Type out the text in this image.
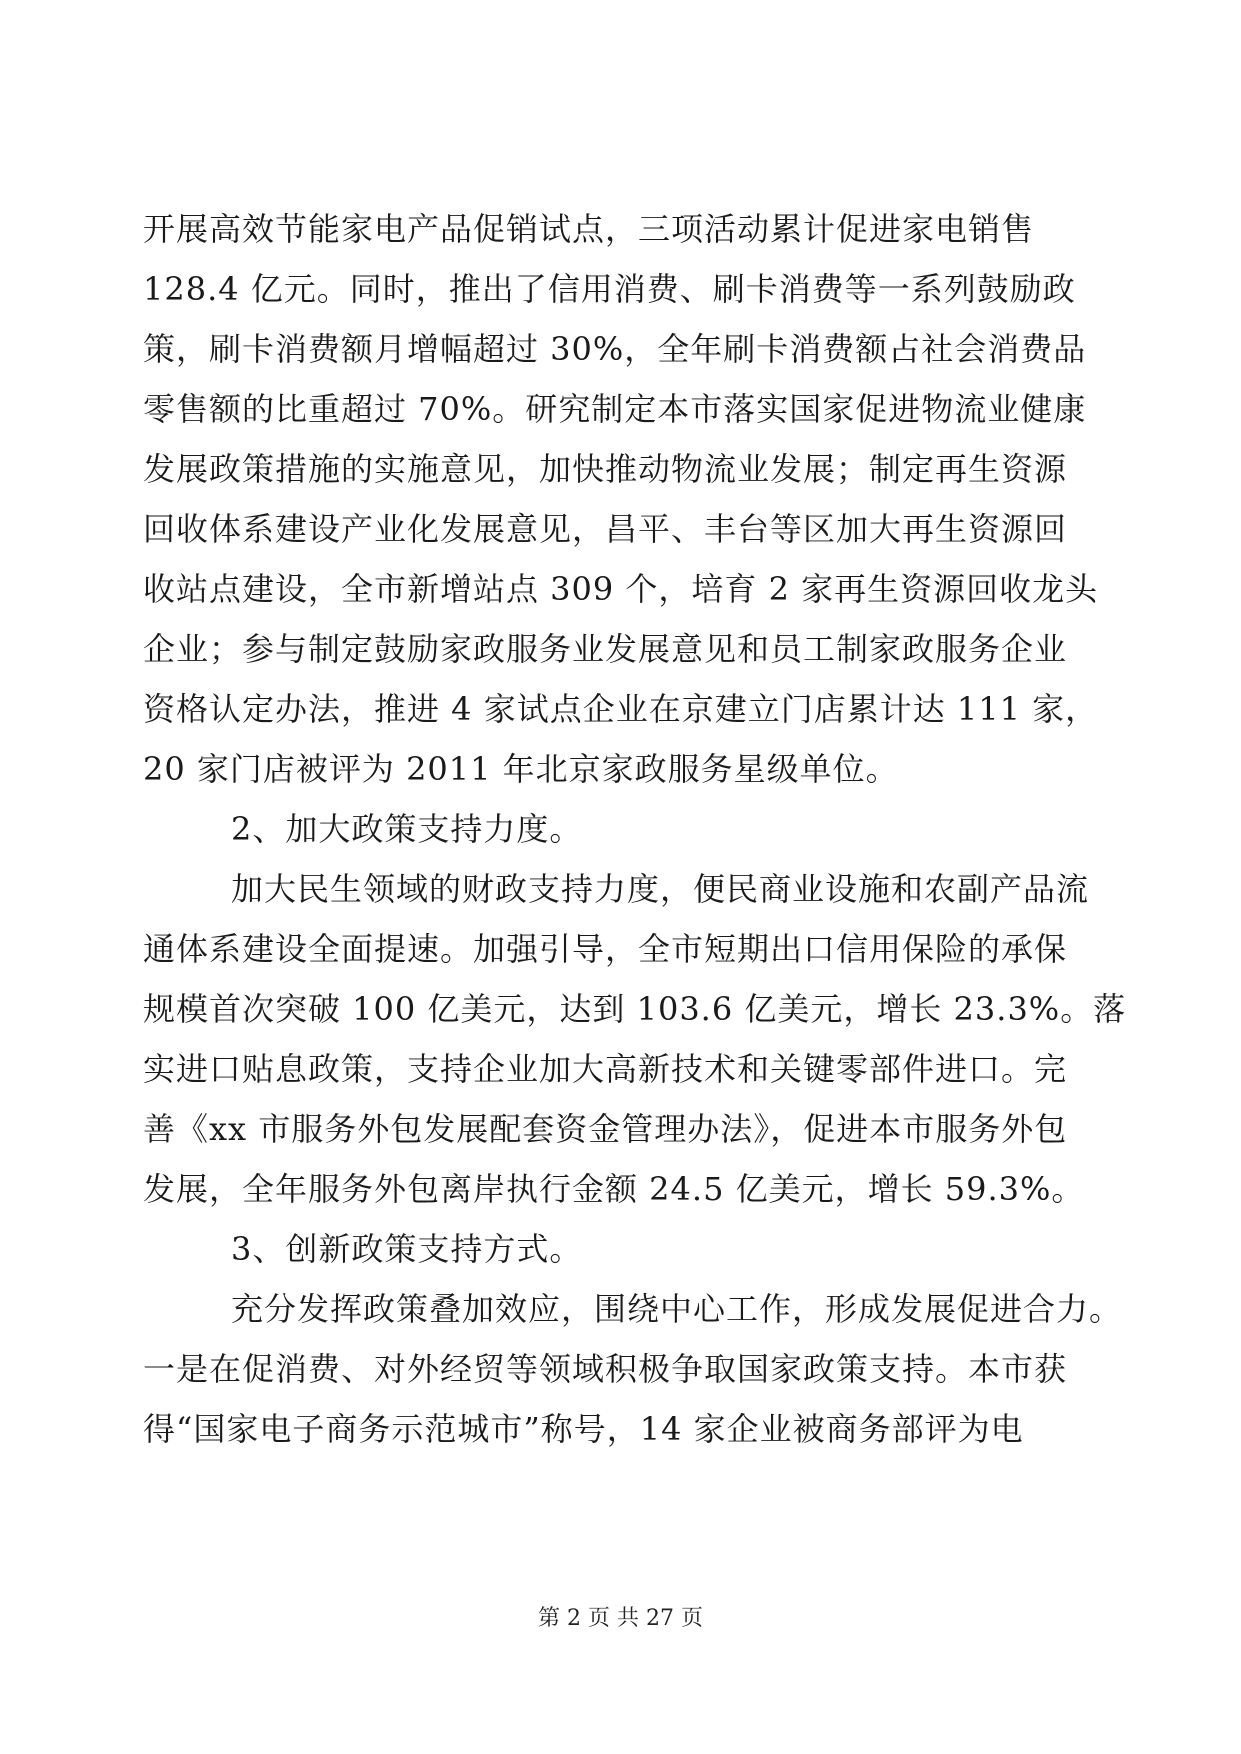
开展高效节能家电产品促销试点，三项活动累计促进家电销售
128.4 亿元。同时，推出了信用消费、刷卡消费等一系列鼓励政
策，刷卡消费额月增幅超过 30%，全年刷卡消费额占社会消费品
零售额的比重超过 70%。研究制定本市落实国家促进物流业健康
发展政策措施的实施意见，加快推动物流业发展；制定再生资源
回收体系建设产业化发展意见，昌平、丰台等区加大再生资源回
收站点建设，全市新增站点 309 个，培育 2 家再生资源回收龙头
企业；参与制定鼓励家政服务业发展意见和员工制家政服务企业
资格认定办法，推进 4 家试点企业在京建立门店累计达 111 家，
20 家门店被评为 2011 年北京家政服务星级单位。
2、加大政策支持力度。
加大民生领域的财政支持力度，便民商业设施和农副产品流
通体系建设全面提速。加强引导，全市短期出口信用保险的承保
规模首次突破 100 亿美元，达到 103.6 亿美元，增长 23.3%。落
实进口贴息政策，支持企业加大高新技术和关键零部件进口。完
善《xx 市服务外包发展配套资金管理办法》，促进本市服务外包
发展，全年服务外包离岸执行金额 24.5 亿美元，增长 59.3%。
3、创新政策支持方式。
充分发挥政策叠加效应，围绕中心工作，形成发展促进合力。
一是在促消费、对外经贸等领域积极争取国家政策支持。本市获
得“国家电子商务示范城市”称号，14 家企业被商务部评为电
第 2 页 共 27 页
